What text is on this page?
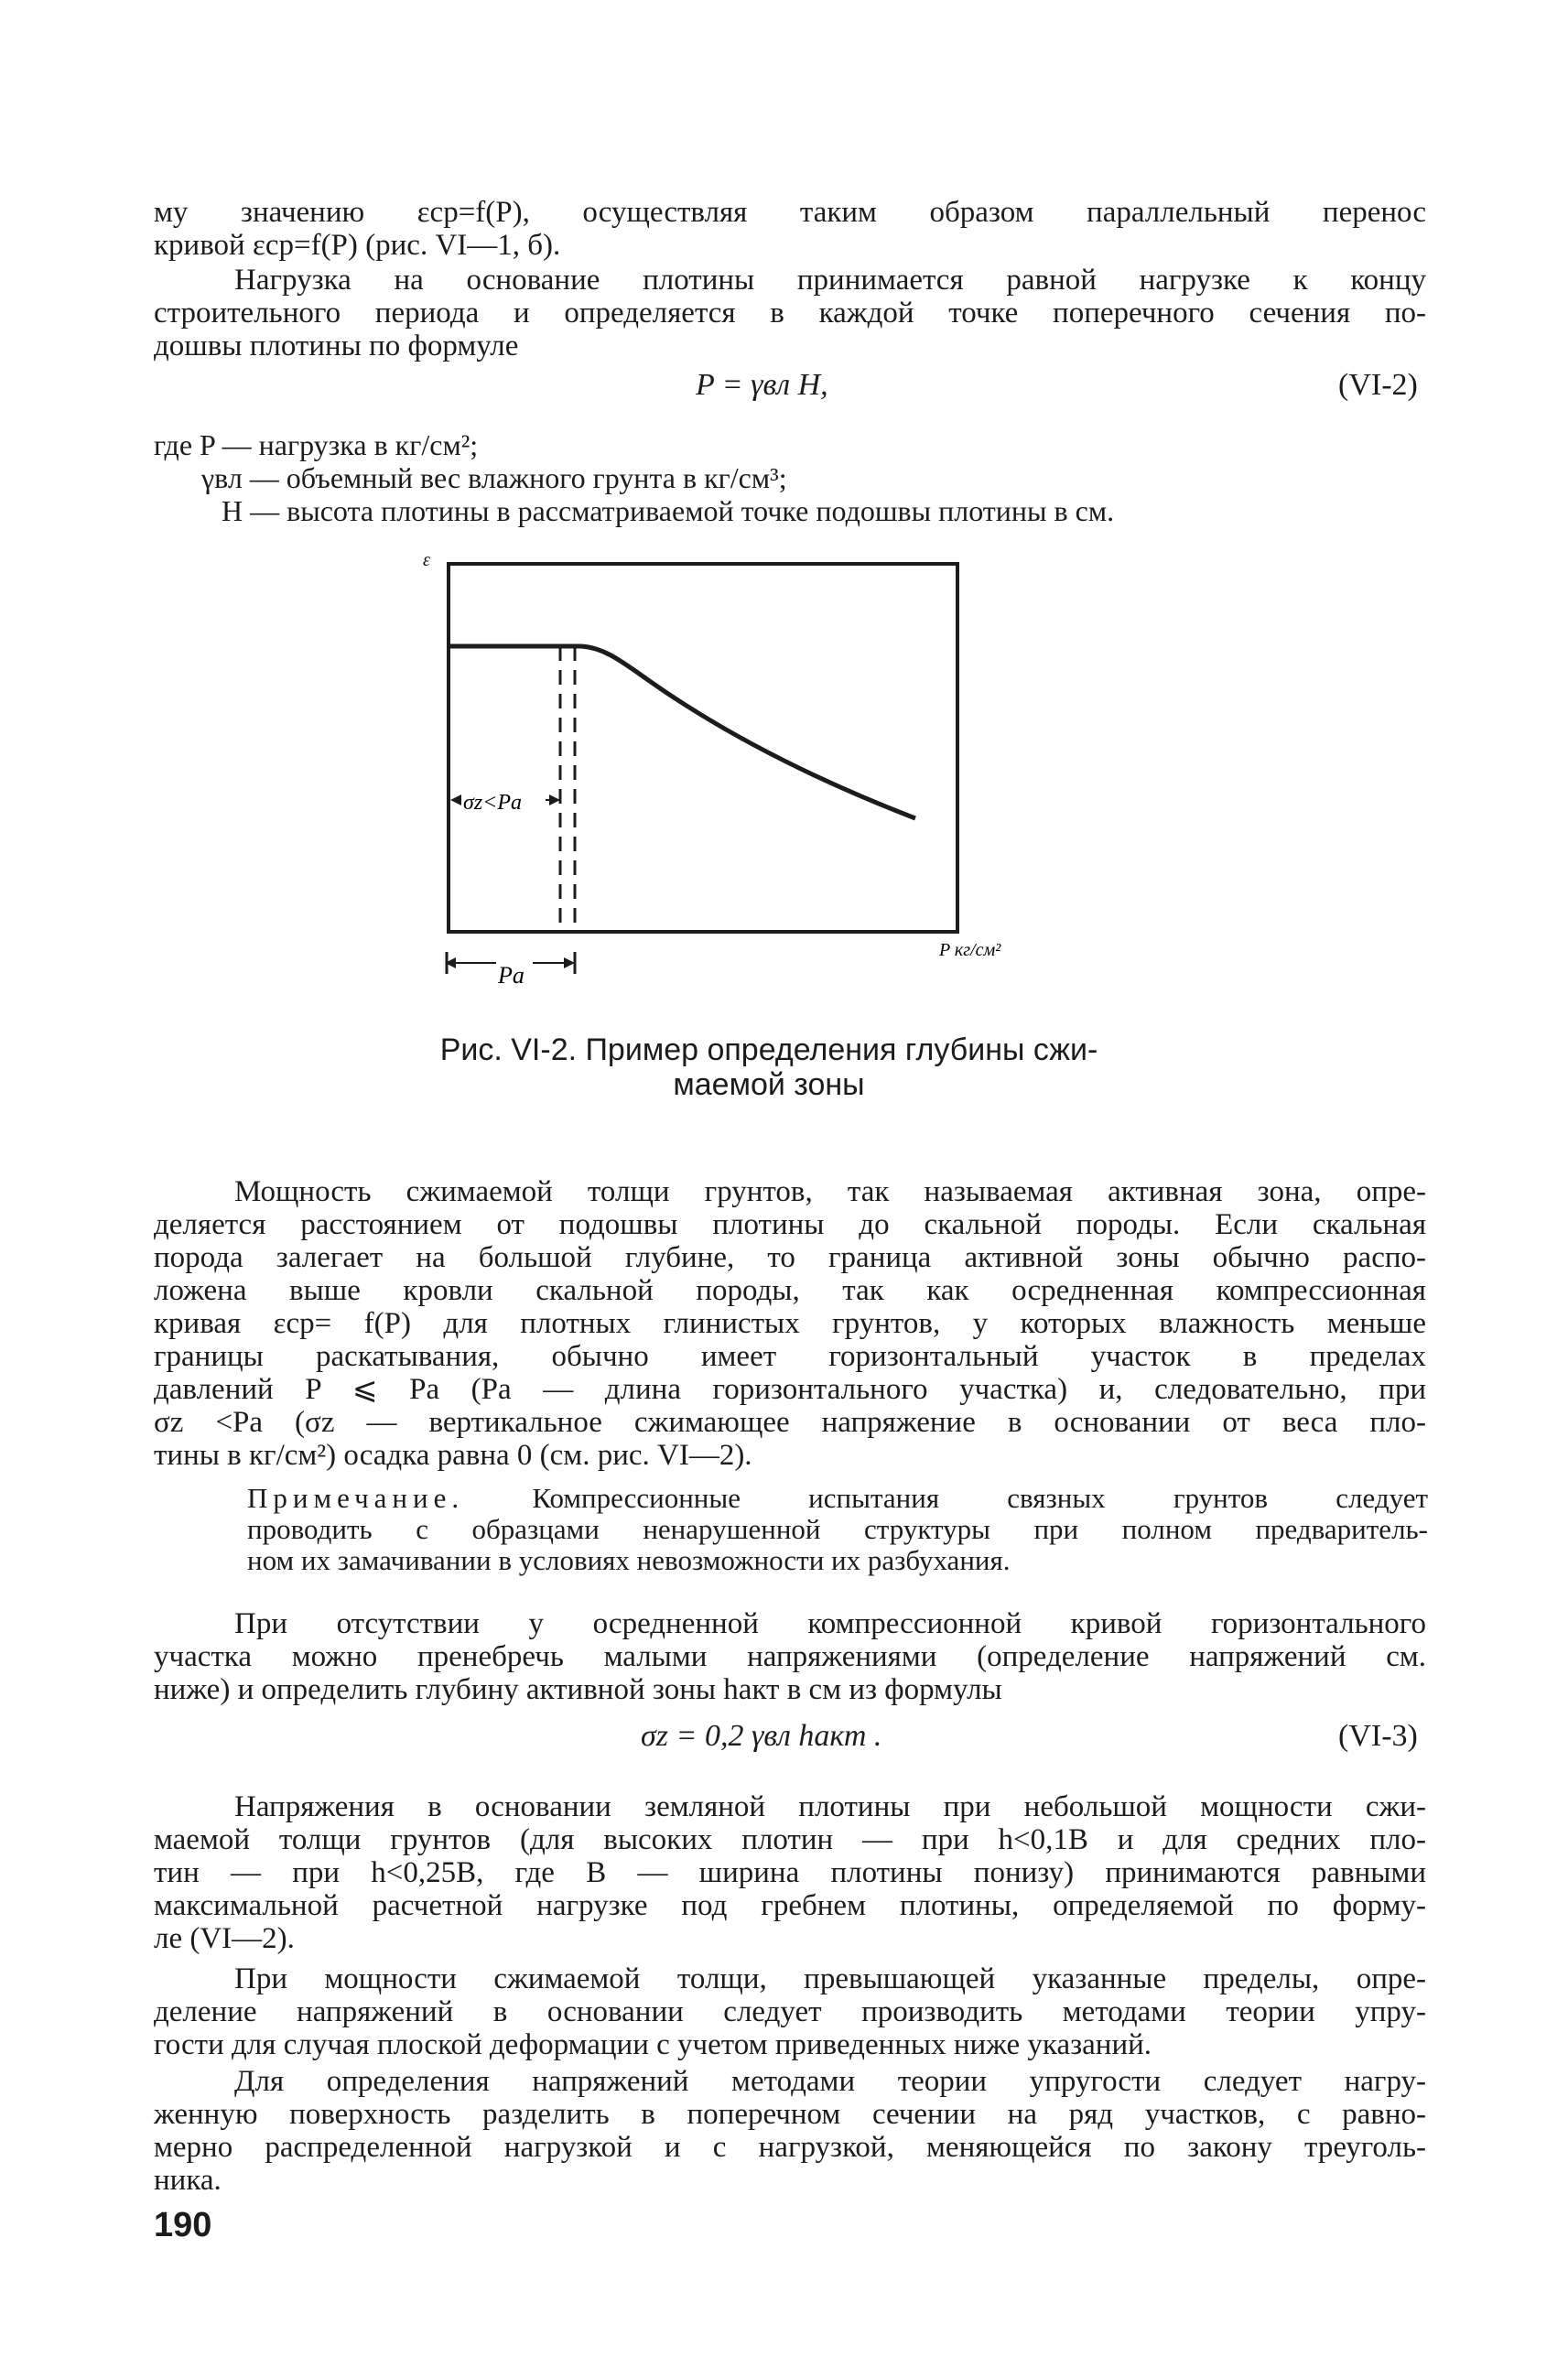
му значению εср=f(P), осуществляя таким образом параллельный перенос
кривой εср=f(P) (рис. VI—1, б).

Нагрузка на основание плотины принимается равной нагрузке к концу
строительного периода и определяется в каждой точке поперечного сечения по-
дошвы плотины по формуле

P = γвл H,	(VI-2)
где P — нагрузка в кг/см²;
γвл — объемный вес влажного грунта в кг/см³;
H — высота плотины в рассматриваемой точке подошвы плотины в см.
σz<Pa
Pa
ε
P кг/см²
Рис. VI-2. Пример определения глубины сжи-
маемой зоны

Мощность сжимаемой толщи грунтов, так называемая активная зона, опре-
деляется расстоянием от подошвы плотины до скальной породы. Если скальная
порода залегает на большой глубине, то граница активной зоны обычно распо-
ложена выше кровли скальной породы, так как осредненная компрессионная
кривая εср= f(P) для плотных глинистых грунтов, у которых влажность меньше
границы раскатывания, обычно имеет горизонтальный участок в пределах
давлений P ⩽ Pa (Pa — длина горизонтального участка) и, следовательно, при
σz <Pa (σz — вертикальное сжимающее напряжение в основании от веса пло-
тины в кг/см²) осадка равна 0 (см. рис. VI—2).

Примечание. Компрессионные испытания связных грунтов следует
проводить с образцами ненарушенной структуры при полном предваритель-
ном их замачивании в условиях невозможности их разбухания.

При отсутствии у осредненной компрессионной кривой горизонтального
участка можно пренебречь малыми напряжениями (определение напряжений см.
ниже) и определить глубину активной зоны hакт в см из формулы

σz = 0,2 γвл hакт .	(VI-3)

Напряжения в основании земляной плотины при небольшой мощности сжи-
маемой толщи грунтов (для высоких плотин — при h<0,1B и для средних пло-
тин — при h<0,25B, где B — ширина плотины понизу) принимаются равными
максимальной расчетной нагрузке под гребнем плотины, определяемой по форму-
ле (VI—2).

При мощности сжимаемой толщи, превышающей указанные пределы, опре-
деление напряжений в основании следует производить методами теории упру-
гости для случая плоской деформации с учетом приведенных ниже указаний.

Для определения напряжений методами теории упругости следует нагру-
женную поверхность разделить в поперечном сечении на ряд участков, с равно-
мерно распределенной нагрузкой и с нагрузкой, меняющейся по закону треуголь-
ника.

190
